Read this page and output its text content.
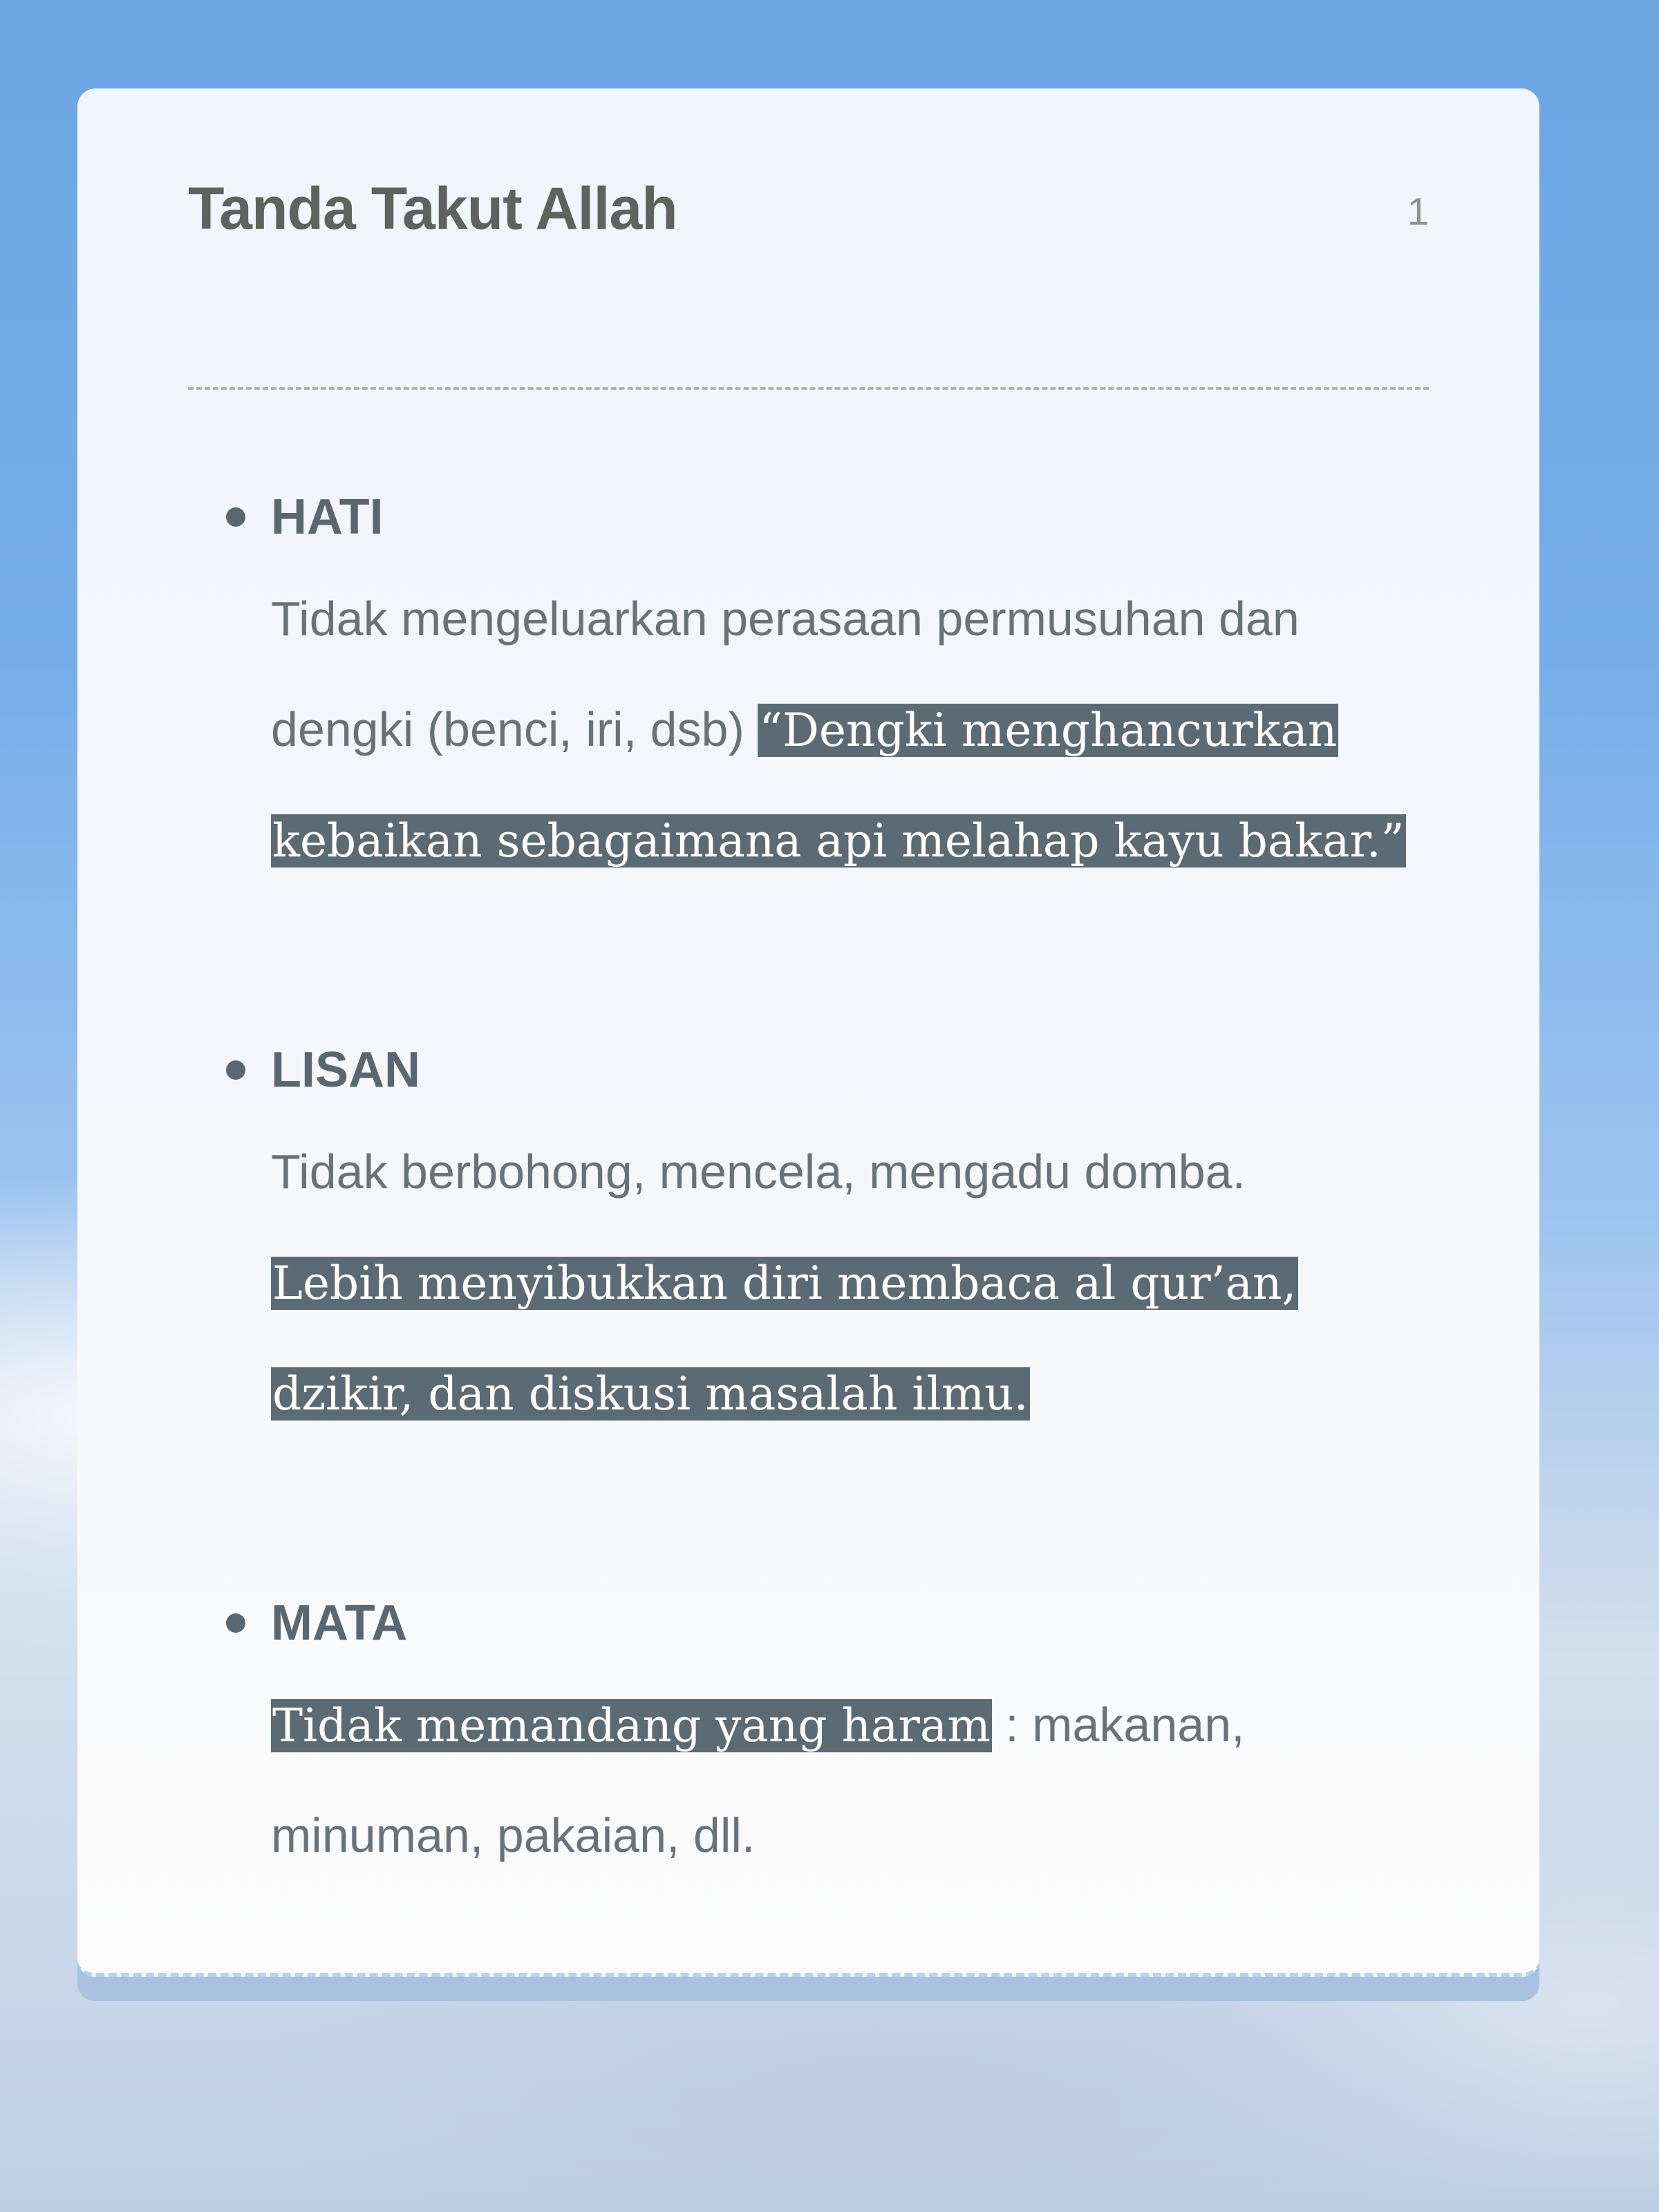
Tanda Takut Allah	1
HATI
Tidak mengeluarkan perasaan permusuhan dan
dengki (benci, iri, dsb) “Dengki menghancurkan
kebaikan sebagaimana api melahap kayu bakar.”
LISAN
Tidak berbohong, mencela, mengadu domba.
Lebih menyibukkan diri membaca al qur’an,
dzikir, dan diskusi masalah ilmu.
MATA
Tidak memandang yang haram : makanan,
minuman, pakaian, dll.
